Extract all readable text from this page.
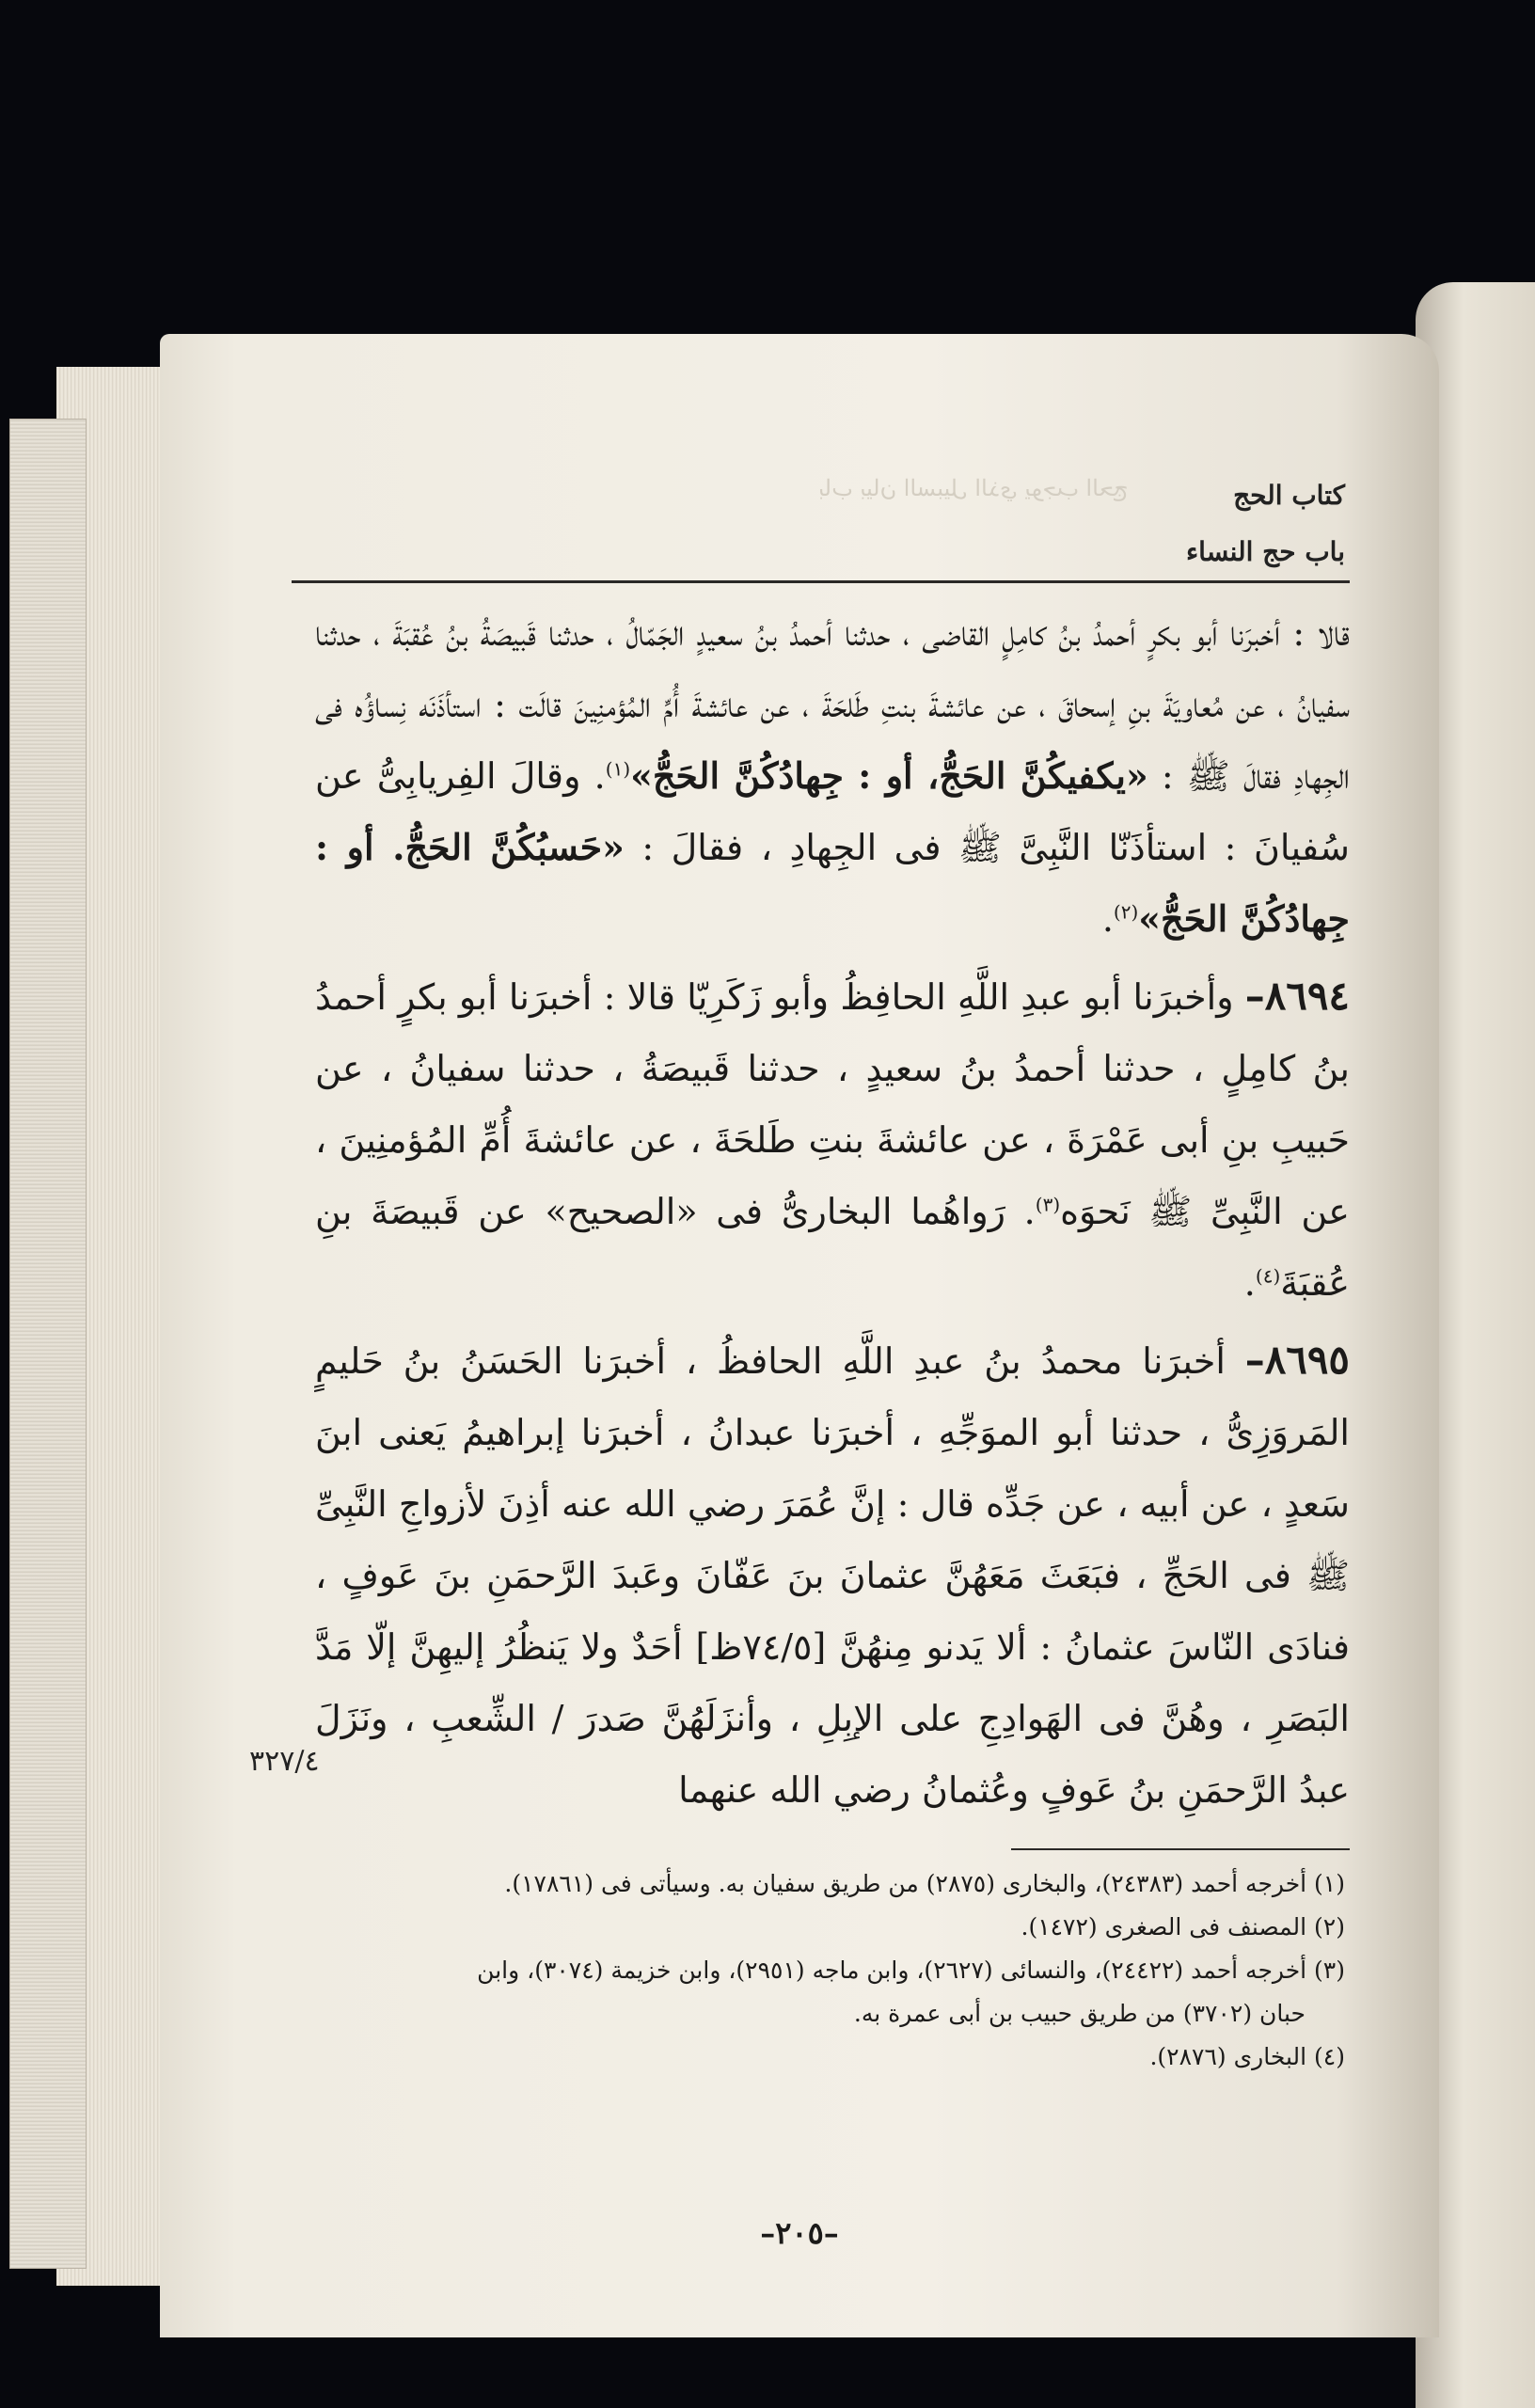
باب بيان السبيل الذي يوجب الحج	كتاب الحج
باب حج النساء

قالا : أخبرَنا أبو بكرٍ أحمدُ بنُ كامِلٍ القاضى ، حدثنا أحمدُ بنُ سعيدٍ الجَمّالُ ، حدثنا قَبيصَةُ بنُ عُقبَةَ ، حدثنا سفيانُ ، عن مُعاويَةَ بنِ إسحاقَ ، عن عائشةَ بنتِ طَلحَةَ ، عن عائشةَ أُمِّ المُؤمنِينَ قالَت : استأذَنَه نِساؤُه فى الجِهادِ فقالَ ﷺ : «يكفيكُنَّ الحَجُّ، أو : جِهادُكُنَّ الحَجُّ»$^{(١)}$. وقالَ الفِريابِىُّ عن سُفيانَ : استأذَنّا النَّبِىَّ ﷺ فى الجِهادِ ، فقالَ : «حَسبُكُنَّ الحَجُّ. أو : جِهادُكُنَّ الحَجُّ»$^{(٢)}$.

٨٦٩٤– وأخبرَنا أبو عبدِ اللَّهِ الحافِظُ وأبو زَكَرِيّا قالا : أخبرَنا أبو بكرٍ أحمدُ بنُ كامِلٍ ، حدثنا أحمدُ بنُ سعيدٍ ، حدثنا قَبيصَةُ ، حدثنا سفيانُ ، عن حَبيبِ بنِ أبى عَمْرَةَ ، عن عائشةَ بنتِ طَلحَةَ ، عن عائشةَ أُمِّ المُؤمنِينَ ، عن النَّبِىِّ ﷺ نَحوَه$^{(٣)}$. رَواهُما البخارىُّ فى «الصحيح» عن قَبيصَةَ بنِ عُقبَةَ$^{(٤)}$.

٨٦٩٥– أخبرَنا محمدُ بنُ عبدِ اللَّهِ الحافظُ ، أخبرَنا الحَسَنُ بنُ حَليمٍ المَروَزِىُّ ، حدثنا أبو الموَجِّهِ ، أخبرَنا عبدانُ ، أخبرَنا إبراهيمُ يَعنى ابنَ سَعدٍ ، عن أبيه ، عن جَدِّه قال : إنَّ عُمَرَ رضي الله عنه أذِنَ لأزواجِ النَّبِىِّ ﷺ فى الحَجِّ ، فبَعَثَ مَعَهُنَّ عثمانَ بنَ عَفّانَ وعَبدَ الرَّحمَنِ بنَ عَوفٍ ، فنادَى النّاسَ عثمانُ : ألا يَدنو مِنهُنَّ [٧٤/٥ظ] أحَدٌ ولا يَنظُرُ إليهِنَّ إلّا مَدَّ البَصَرِ ، وهُنَّ فى الهَوادِجِ على الإبِلِ ، وأنزَلَهُنَّ صَدرَ / الشِّعبِ ، ونَزَلَ عبدُ الرَّحمَنِ بنُ عَوفٍ وعُثمانُ رضي الله عنهما

٣٢٧/٤

(١) أخرجه أحمد (٢٤٣٨٣)، والبخارى (٢٨٧٥) من طريق سفيان به. وسيأتى فى (١٧٨٦١).

(٢) المصنف فى الصغرى (١٤٧٢).

(٣) أخرجه أحمد (٢٤٤٢٢)، والنسائى (٢٦٢٧)، وابن ماجه (٢٩٥١)، وابن خزيمة (٣٠٧٤)، وابن

حبان (٣٧٠٢) من طريق حبيب بن أبى عمرة به.

(٤) البخارى (٢٨٧٦).

–٢٠٥–
